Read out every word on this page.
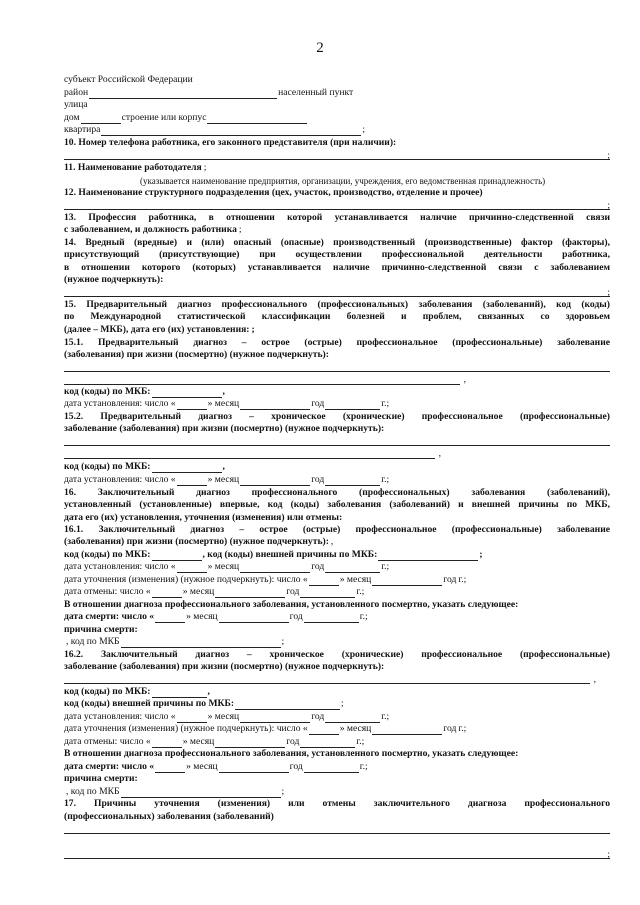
2
субъект Российской Федерации
район	населенный пункт
улица
дом	строение или корпус
квартира	;
10. Номер телефона работника, его законного представителя (при наличии):
;
11. Наименование работодателя ;
(указывается наименование предприятия, организации, учреждения, его ведомственная принадлежность)
12. Наименование структурного подразделения (цех, участок, производство, отделение и прочее)
;
13. Профессия работника, в отношении которой устанавливается наличие причинно-следственной связи
с заболеванием, и должность работника ;
14. Вредный (вредные) и (или) опасный (опасные) производственный (производственные) фактор (факторы),
присутствующий (присутствующие) при осуществлении профессиональной деятельности работника,
в отношении которого (которых) устанавливается наличие причинно-следственной связи с заболеванием
(нужное подчеркнуть):
;
15. Предварительный диагноз профессионального (профессиональных) заболевания (заболеваний), код (коды)
по Международной статистической классификации болезней и проблем, связанных со здоровьем
(далее – МКБ), дата его (их) установления: ;
15.1. Предварительный диагноз – острое (острые) профессиональное (профессиональные) заболевание
(заболевания) при жизни (посмертно) (нужное подчеркнуть):
,
код (коды) по МКБ:	,
дата установления: число «	» месяц	год	г.;
15.2. Предварительный диагноз – хроническое (хронические) профессиональное (профессиональные)
заболевание (заболевания) при жизни (посмертно) (нужное подчеркнуть):
,
код (коды) по МКБ:	,
дата установления: число «	» месяц	год	г.;
16. Заключительный диагноз профессионального (профессиональных) заболевания (заболеваний),
установленный (установленные) впервые, код (коды) заболевания (заболеваний) и внешней причины по МКБ,
дата его (их) установления, уточнения (изменения) или отмены:
16.1. Заключительный диагноз – острое (острые) профессиональное (профессиональные) заболевание
(заболевания) при жизни (посмертно) (нужное подчеркнуть): ,
код (коды) по МКБ:	, код (коды) внешней причины по МКБ:	;
дата установления: число «	» месяц	год	г.;
дата уточнения (изменения) (нужное подчеркнуть): число «	» месяц	год г.;
дата отмены: число «	» месяц	год	г.;
В отношении диагноза профессионального заболевания, установленного посмертно, указать следующее:
дата смерти: число «	» месяц	год	г.;
причина смерти:
, код по МКБ	;
16.2. Заключительный диагноз – хроническое (хронические) профессиональное (профессиональные)
заболевание (заболевания) при жизни (посмертно) (нужное подчеркнуть):
,
код (коды) по МКБ:	,
код (коды) внешней причины по МКБ:	;
дата установления: число «	» месяц	год	г.;
дата уточнения (изменения) (нужное подчеркнуть): число «	» месяц	год г.;
дата отмены: число «	» месяц	год	г.;
В отношении диагноза профессионального заболевания, установленного посмертно, указать следующее:
дата смерти: число «	» месяц	год	г.;
причина смерти:
, код по МКБ	;
17. Причины уточнения (изменения) или отмены заключительного диагноза профессионального
(профессиональных) заболевания (заболеваний)
;
